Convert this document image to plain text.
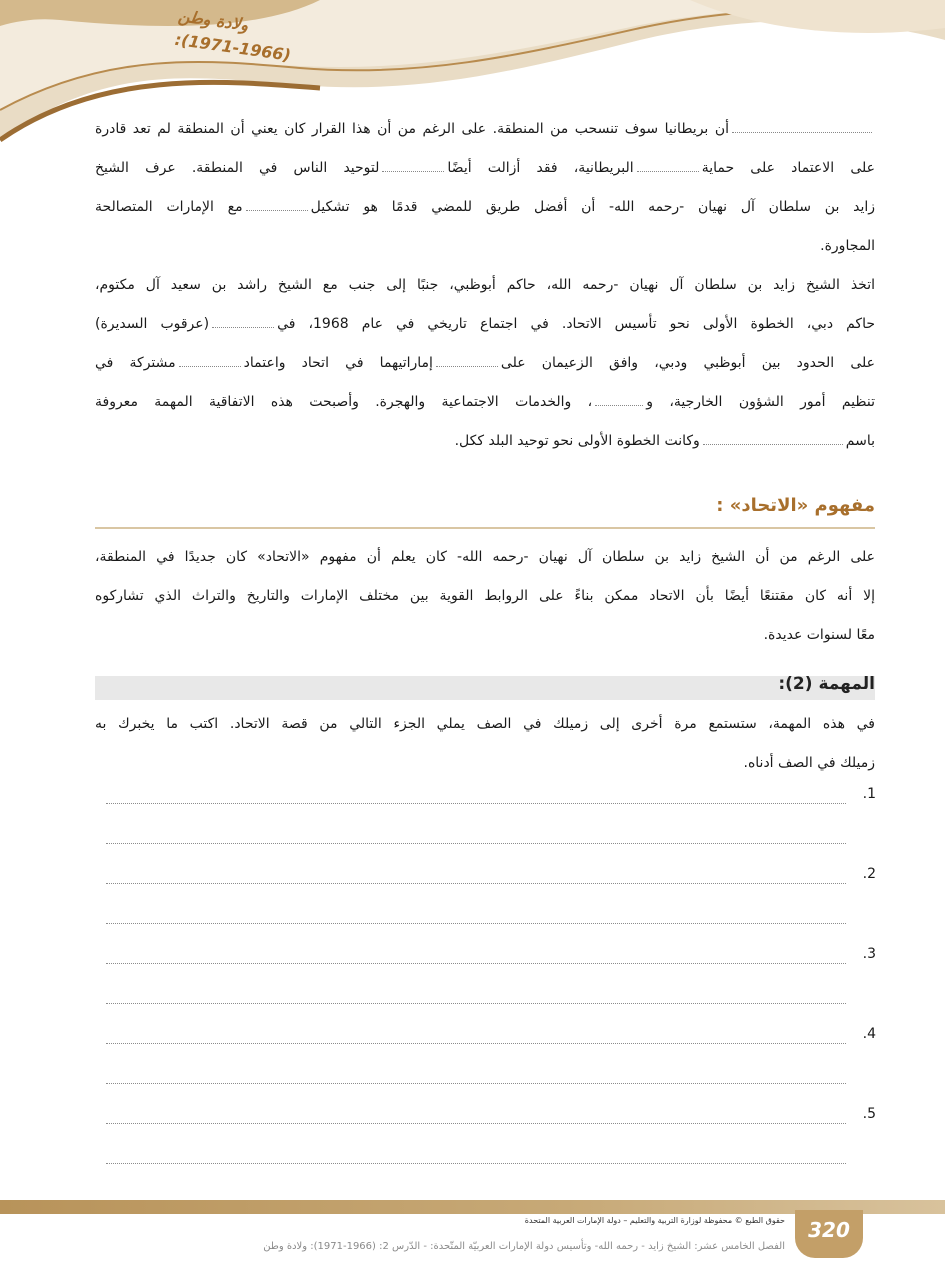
ولادة وطن
(1971-1966):
أن بريطانيا سوف تنسحب من المنطقة. على الرغم من أن هذا القرار كان يعني أن المنطقة لم تعد قادرة
على الاعتماد على حمايةالبريطانية، فقد أزالت أيضًالتوحيد الناس في المنطقة. عرف الشيخ
زايد بن سلطان آل نهيان -رحمه الله- أن أفضل طريق للمضي قدمًا هو تشكيلمع الإمارات المتصالحة
المجاورة.
اتخذ الشيخ زايد بن سلطان آل نهيان -رحمه الله، حاكم أبوظبي، جنبًا إلى جنب مع الشيخ راشد بن سعيد آل مكتوم،
حاكم دبي، الخطوة الأولى نحو تأسيس الاتحاد. في اجتماع تاريخي في عام 1968، في(عرقوب السديرة)
على الحدود بين أبوظبي ودبي، وافق الزعيمان علىإماراتيهما في اتحاد واعتمادمشتركة في
تنظيم أمور الشؤون الخارجية، و، والخدمات الاجتماعية والهجرة. وأصبحت هذه الاتفاقية المهمة معروفة
باسموكانت الخطوة الأولى نحو توحيد البلد ككل.
مفهوم «الاتحاد» :
على الرغم من أن الشيخ زايد بن سلطان آل نهيان -رحمه الله- كان يعلم أن مفهوم «الاتحاد» كان جديدًا في المنطقة،
إلا أنه كان مقتنعًا أيضًا بأن الاتحاد ممكن بناءً على الروابط القوية بين مختلف الإمارات والتاريخ والتراث الذي تشاركوه
معًا لسنوات عديدة.
المهمة (2):
في هذه المهمة، ستستمع مرة أخرى إلى زميلك في الصف يملي الجزء التالي من قصة الاتحاد. اكتب ما يخبرك به
زميلك في الصف أدناه.
.1
.2
.3
.4
.5
320
حقوق الطبع © محفوظة لوزارة التربية والتعليم – دولة الإمارات العربية المتحدة
الفصل الخامس عشر: الشيخ زايد - رحمه الله- وتأسيس دولة الإمارات العربيّة المتّحدة: - الدّرس 2: (1966-1971): ولادة وطن
